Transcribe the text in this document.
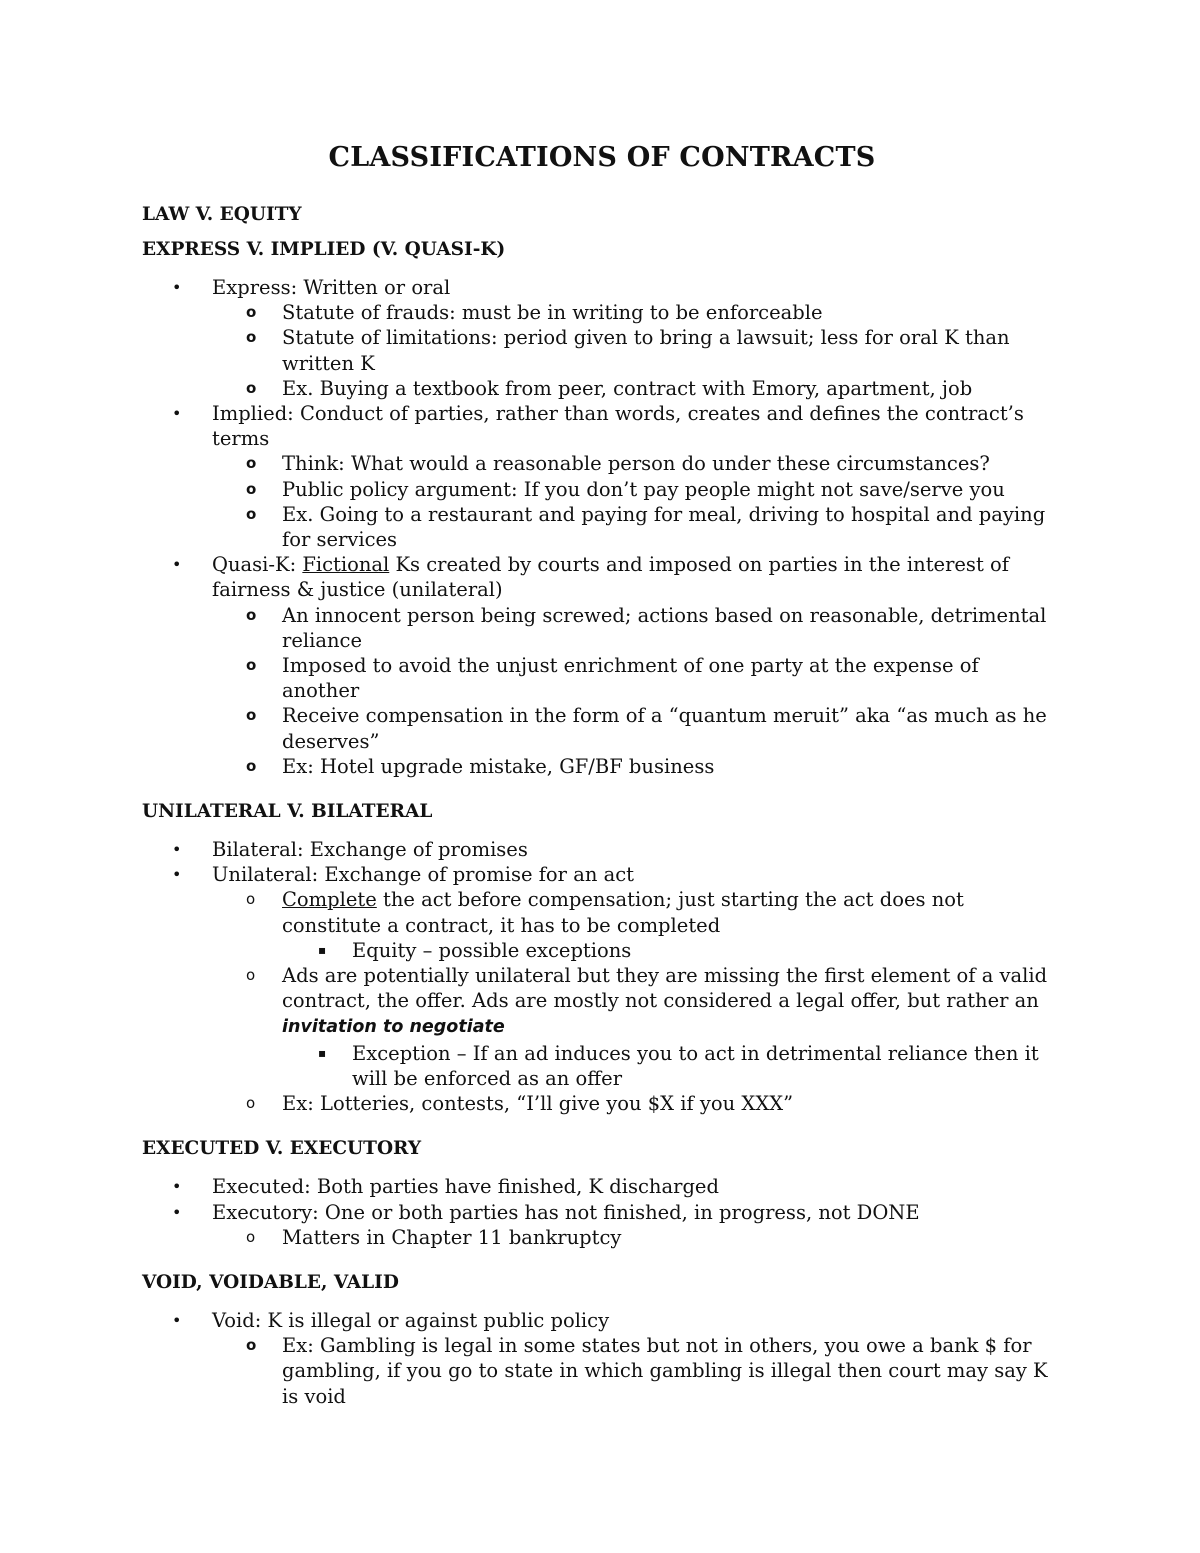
CLASSIFICATIONS OF CONTRACTS
LAW V. EQUITY
EXPRESS V. IMPLIED (V. QUASI-K)
• Express: Written or oral
o Statute of frauds: must be in writing to be enforceable
o Statute of limitations: period given to bring a lawsuit; less for oral K than written K
o Ex. Buying a textbook from peer, contract with Emory, apartment, job
• Implied: Conduct of parties, rather than words, creates and defines the contract’s terms
o Think: What would a reasonable person do under these circumstances?
o Public policy argument: If you don’t pay people might not save/serve you
o Ex. Going to a restaurant and paying for meal, driving to hospital and paying for services
• Quasi-K: Fictional Ks created by courts and imposed on parties in the interest of fairness & justice (unilateral)
o An innocent person being screwed; actions based on reasonable, detrimental reliance
o Imposed to avoid the unjust enrichment of one party at the expense of another
o Receive compensation in the form of a “quantum meruit” aka “as much as he deserves”
o Ex: Hotel upgrade mistake, GF/BF business
UNILATERAL V. BILATERAL
• Bilateral: Exchange of promises
• Unilateral: Exchange of promise for an act
o Complete the act before compensation; just starting the act does not constitute a contract, it has to be completed
▪ Equity – possible exceptions
o Ads are potentially unilateral but they are missing the first element of a valid contract, the offer. Ads are mostly not considered a legal offer, but rather an invitation to negotiate
▪ Exception – If an ad induces you to act in detrimental reliance then it will be enforced as an offer
o Ex: Lotteries, contests, “I’ll give you $X if you XXX”
EXECUTED V. EXECUTORY
• Executed: Both parties have finished, K discharged
• Executory: One or both parties has not finished, in progress, not DONE
o Matters in Chapter 11 bankruptcy
VOID, VOIDABLE, VALID
• Void: K is illegal or against public policy
o Ex: Gambling is legal in some states but not in others, you owe a bank $ for gambling, if you go to state in which gambling is illegal then court may say K is void
